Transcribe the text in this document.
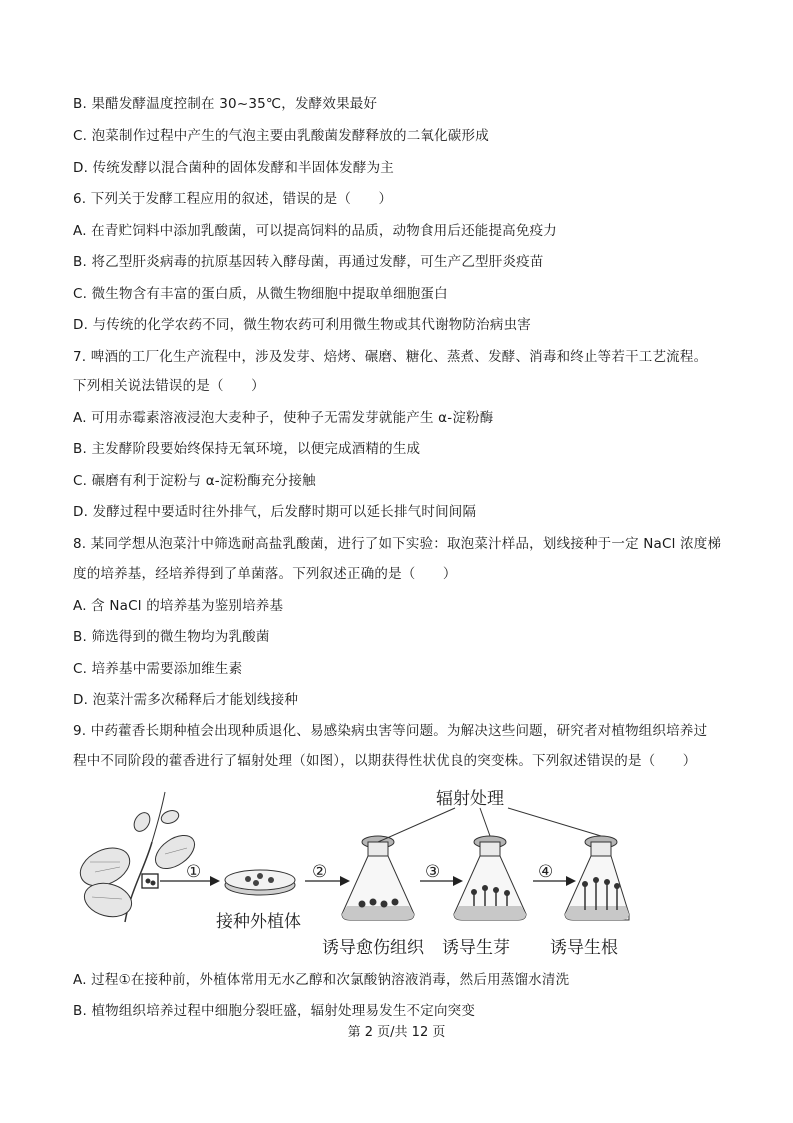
B. 果醋发酵温度控制在 30~35℃，发酵效果最好
C. 泡菜制作过程中产生的气泡主要由乳酸菌发酵释放的二氧化碳形成
D. 传统发酵以混合菌种的固体发酵和半固体发酵为主
6. 下列关于发酵工程应用的叙述，错误的是（　　）
A. 在青贮饲料中添加乳酸菌，可以提高饲料的品质，动物食用后还能提高免疫力
B. 将乙型肝炎病毒的抗原基因转入酵母菌，再通过发酵，可生产乙型肝炎疫苗
C. 微生物含有丰富的蛋白质，从微生物细胞中提取单细胞蛋白
D. 与传统的化学农药不同，微生物农药可利用微生物或其代谢物防治病虫害
7. 啤酒的工厂化生产流程中，涉及发芽、焙烤、碾磨、糖化、蒸煮、发酵、消毒和终止等若干工艺流程。
下列相关说法错误的是（　　）
A. 可用赤霉素溶液浸泡大麦种子，使种子无需发芽就能产生 α-淀粉酶
B. 主发酵阶段要始终保持无氧环境，以便完成酒精的生成
C. 碾磨有利于淀粉与 α-淀粉酶充分接触
D. 发酵过程中要适时往外排气，后发酵时期可以延长排气时间间隔
8. 某同学想从泡菜汁中筛选耐高盐乳酸菌，进行了如下实验：取泡菜汁样品，划线接种于一定 NaCl 浓度梯
度的培养基，经培养得到了单菌落。下列叙述正确的是（　　）
A. 含 NaCl 的培养基为鉴别培养基
B. 筛选得到的微生物均为乳酸菌
C. 培养基中需要添加维生素
D. 泡菜汁需多次稀释后才能划线接种
9. 中药藿香长期种植会出现种质退化、易感染病虫害等问题。为解决这些问题，研究者对植物组织培养过
程中不同阶段的藿香进行了辐射处理（如图），以期获得性状优良的突变株。下列叙述错误的是（　　）
辐射处理
①	②	③	④
接种外植体
诱导愈伤组织 诱导生芽 诱导生根
A. 过程①在接种前，外植体常用无水乙醇和次氯酸钠溶液消毒，然后用蒸馏水清洗
B. 植物组织培养过程中细胞分裂旺盛，辐射处理易发生不定向突变
第 2 页/共 12 页
